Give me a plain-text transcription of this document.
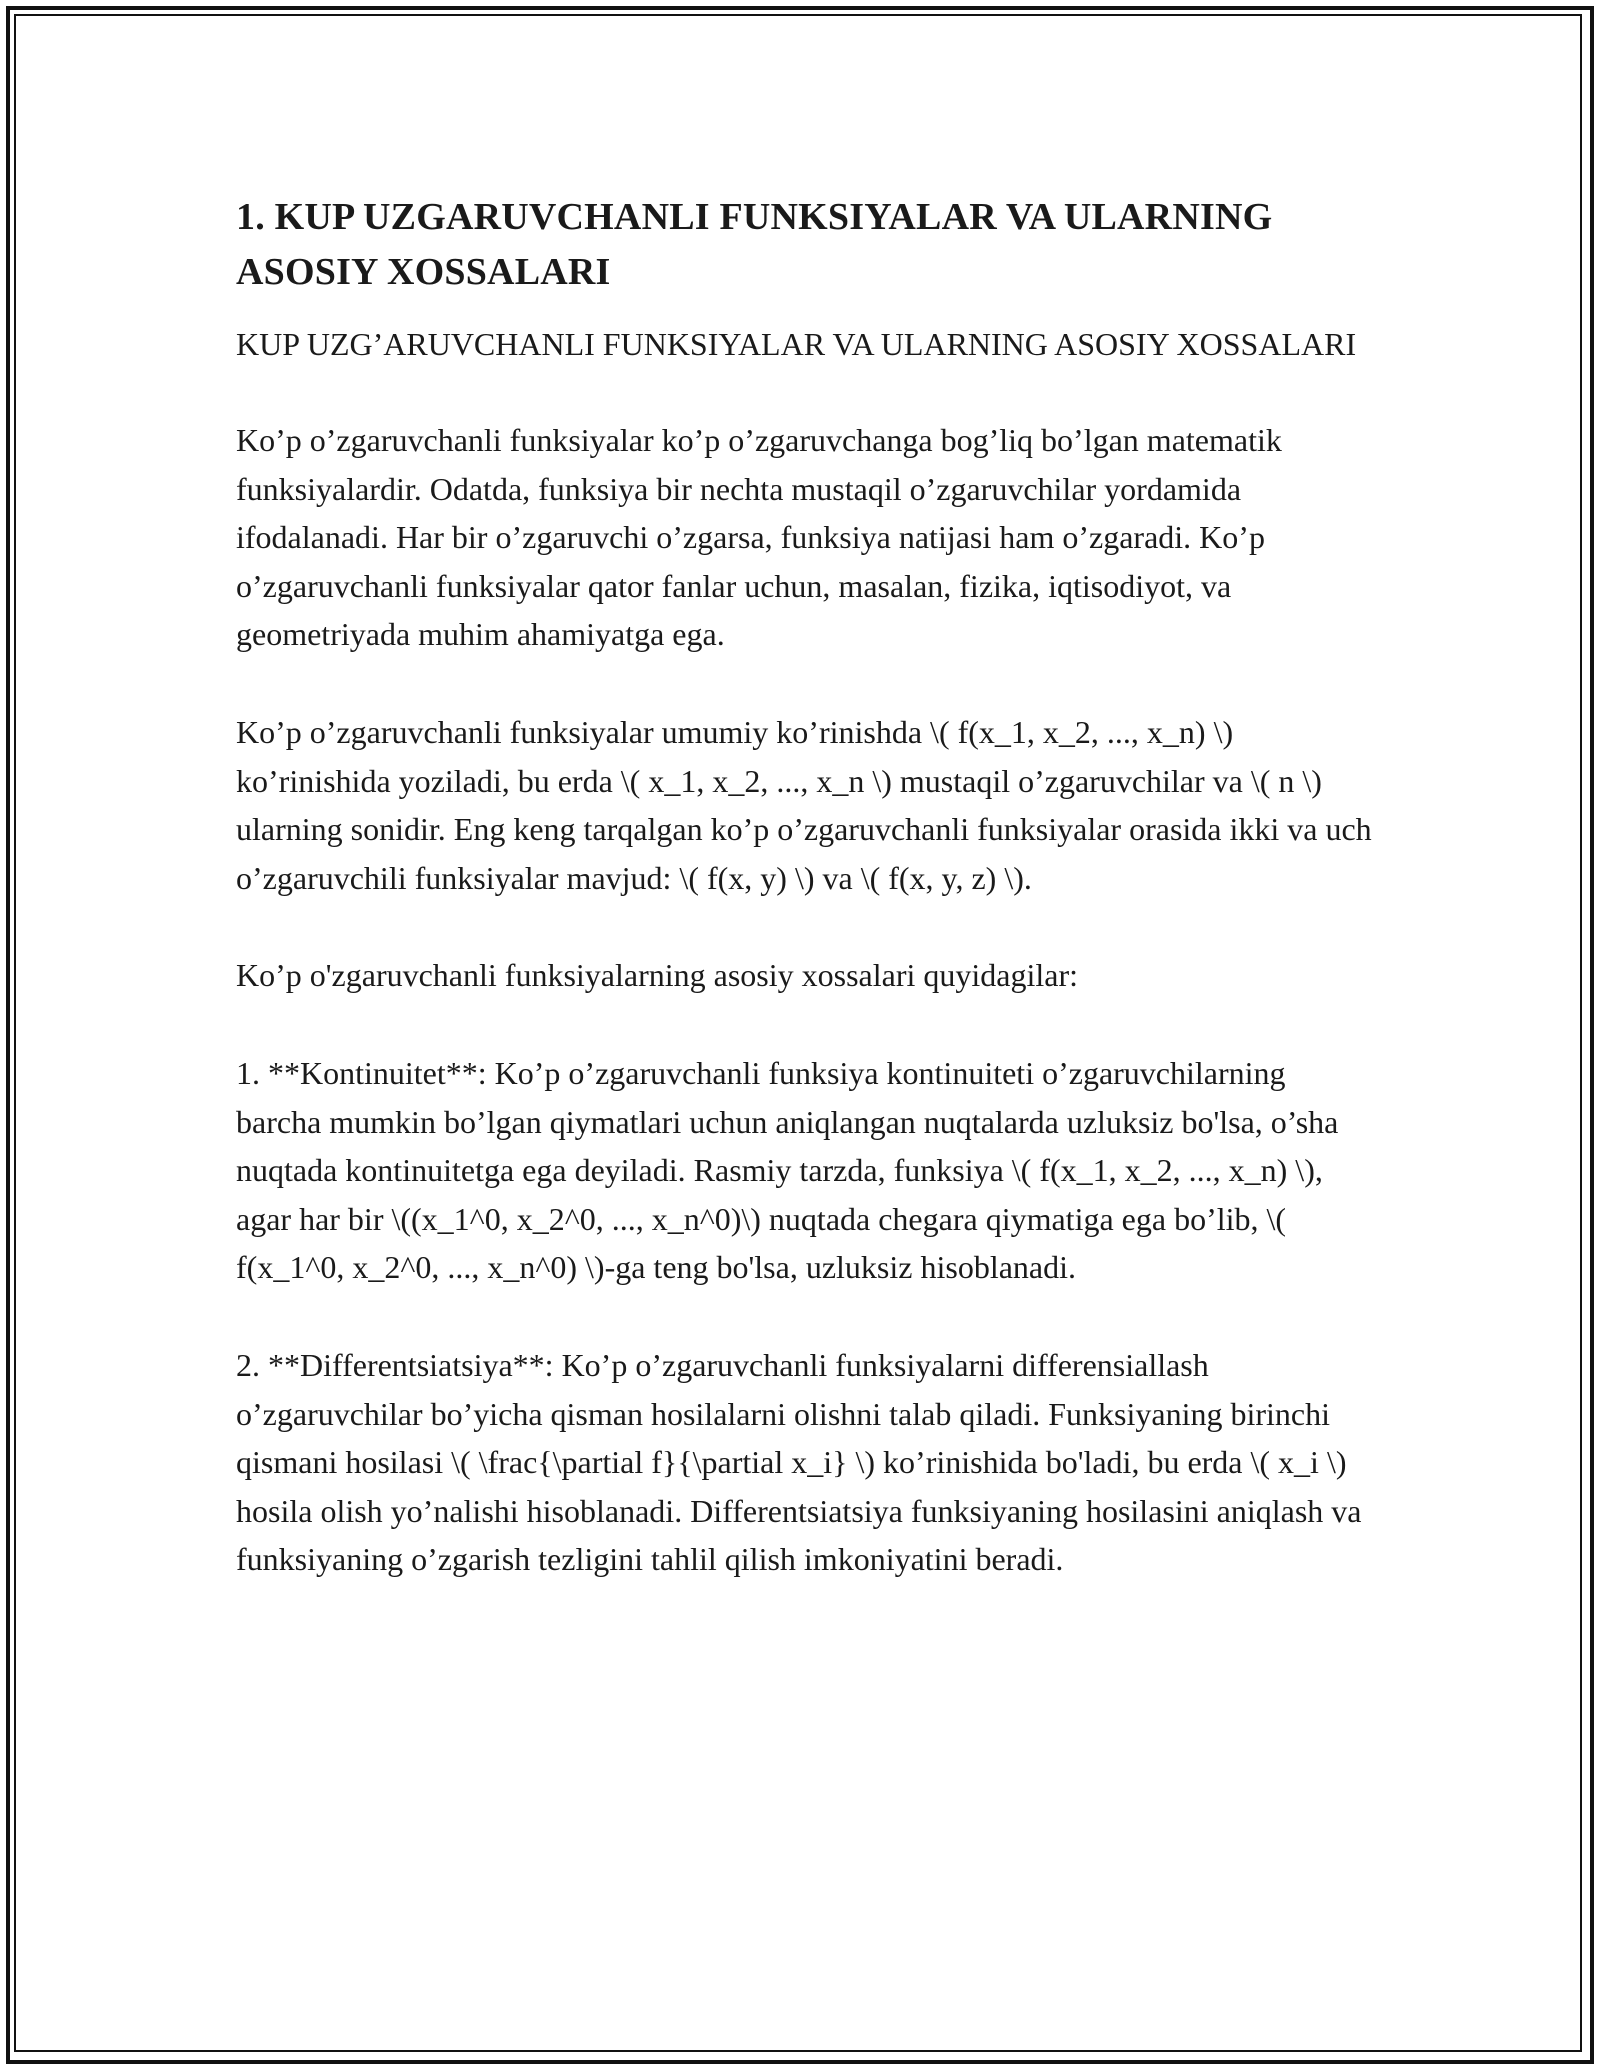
1. KUP UZGARUVCHANLI FUNKSIYALAR VA ULARNING ASOSIY XOSSALARI
KUP UZG’ARUVCHANLI FUNKSIYALAR VA ULARNING ASOSIY XOSSALARI

Ko’p o’zgaruvchanli funksiyalar ko’p o’zgaruvchanga bog’liq bo’lgan matematik funksiyalardir. Odatda, funksiya bir nechta mustaqil o’zgaruvchilar yordamida ifodalanadi. Har bir o’zgaruvchi o’zgarsa, funksiya natijasi ham o’zgaradi. Ko’p o’zgaruvchanli funksiyalar qator fanlar uchun, masalan, fizika, iqtisodiyot, va geometriyada muhim ahamiyatga ega.

Ko’p o’zgaruvchanli funksiyalar umumiy ko’rinishda \( f(x_1, x_2, ..., x_n) \) ko’rinishida yoziladi, bu erda \( x_1, x_2, ..., x_n \) mustaqil o’zgaruvchilar va \( n \) ularning sonidir. Eng keng tarqalgan ko’p o’zgaruvchanli funksiyalar orasida ikki va uch o’zgaruvchili funksiyalar mavjud: \( f(x, y) \) va \( f(x, y, z) \).

Ko’p o'zgaruvchanli funksiyalarning asosiy xossalari quyidagilar:

1. **Kontinuitet**: Ko’p o’zgaruvchanli funksiya kontinuiteti o’zgaruvchilarning barcha mumkin bo’lgan qiymatlari uchun aniqlangan nuqtalarda uzluksiz bo'lsa, o’sha nuqtada kontinuitetga ega deyiladi. Rasmiy tarzda, funksiya \( f(x_1, x_2, ..., x_n) \), agar har bir \((x_1^0, x_2^0, ..., x_n^0)\) nuqtada chegara qiymatiga ega bo’lib, \( f(x_1^0, x_2^0, ..., x_n^0) \)-ga teng bo'lsa, uzluksiz hisoblanadi.

2. **Differentsiatsiya**: Ko’p o’zgaruvchanli funksiyalarni differensiallash o’zgaruvchilar bo’yicha qisman hosilalarni olishni talab qiladi. Funksiyaning birinchi qismani hosilasi \( \frac{\partial f}{\partial x_i} \) ko’rinishida bo'ladi, bu erda \( x_i \) hosila olish yo’nalishi hisoblanadi. Differentsiatsiya funksiyaning hosilasini aniqlash va funksiyaning o’zgarish tezligini tahlil qilish imkoniyatini beradi.
